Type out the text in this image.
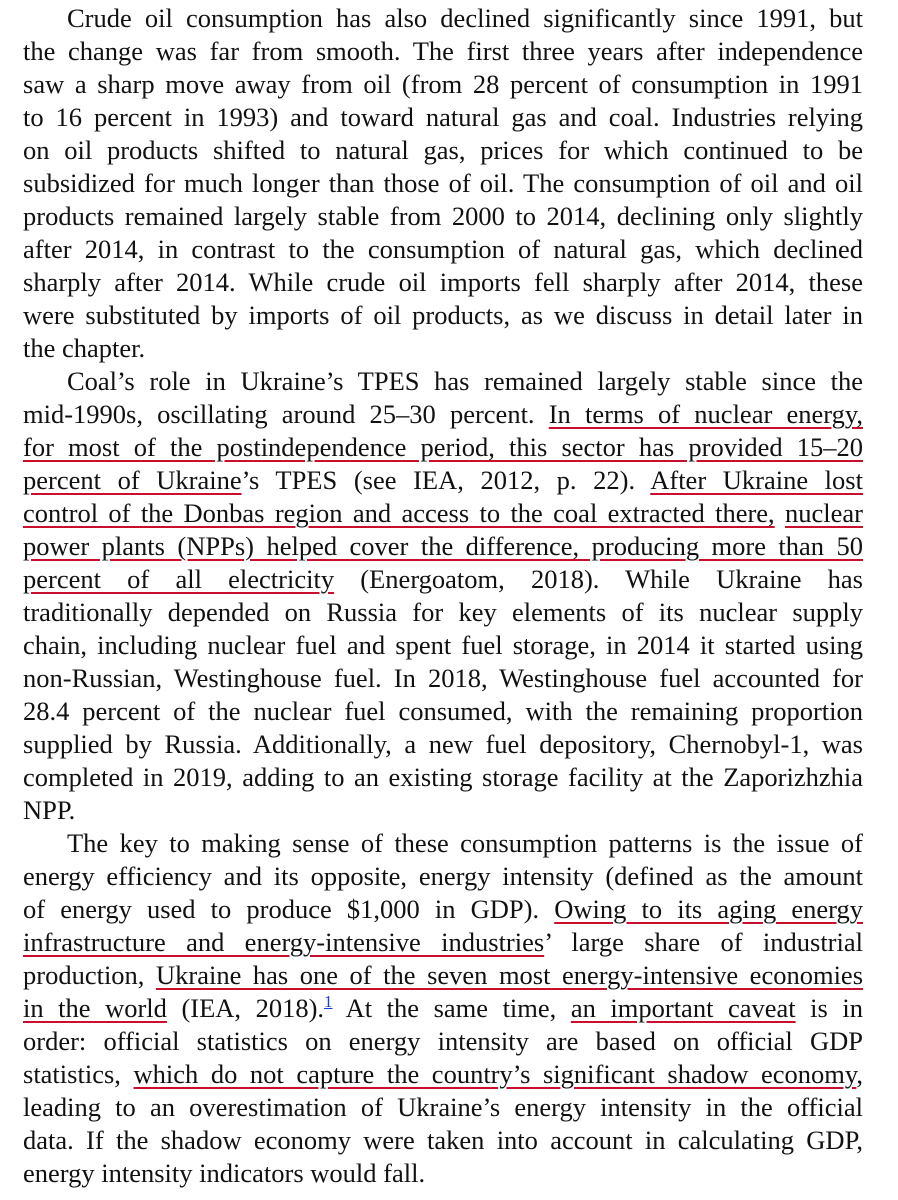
Crude oil consumption has also declined significantly since 1991, but
the change was far from smooth. The first three years after independence
saw a sharp move away from oil (from 28 percent of consumption in 1991
to 16 percent in 1993) and toward natural gas and coal. Industries relying
on oil products shifted to natural gas, prices for which continued to be
subsidized for much longer than those of oil. The consumption of oil and oil
products remained largely stable from 2000 to 2014, declining only slightly
after 2014, in contrast to the consumption of natural gas, which declined
sharply after 2014. While crude oil imports fell sharply after 2014, these
were substituted by imports of oil products, as we discuss in detail later in
the chapter.
Coal’s role in Ukraine’s TPES has remained largely stable since the
mid-1990s, oscillating around 25–30 percent. In terms of nuclear energy,
for most of the postindependence period, this sector has provided 15–20
percent of Ukraine’s TPES (see IEA, 2012, p. 22). After Ukraine lost
control of the Donbas region and access to the coal extracted there, nuclear
power plants (NPPs) helped cover the difference, producing more than 50
percent of all electricity (Energoatom, 2018). While Ukraine has
traditionally depended on Russia for key elements of its nuclear supply
chain, including nuclear fuel and spent fuel storage, in 2014 it started using
non-Russian, Westinghouse fuel. In 2018, Westinghouse fuel accounted for
28.4 percent of the nuclear fuel consumed, with the remaining proportion
supplied by Russia. Additionally, a new fuel depository, Chernobyl-1, was
completed in 2019, adding to an existing storage facility at the Zaporizhzhia
NPP.
The key to making sense of these consumption patterns is the issue of
energy efficiency and its opposite, energy intensity (defined as the amount
of energy used to produce $1,000 in GDP). Owing to its aging energy
infrastructure and energy-intensive industries’ large share of industrial
production, Ukraine has one of the seven most energy-intensive economies
in the world (IEA, 2018).$^1$ At the same time, an important caveat is in
order: official statistics on energy intensity are based on official GDP
statistics, which do not capture the country’s significant shadow economy,
leading to an overestimation of Ukraine’s energy intensity in the official
data. If the shadow economy were taken into account in calculating GDP,
energy intensity indicators would fall.
